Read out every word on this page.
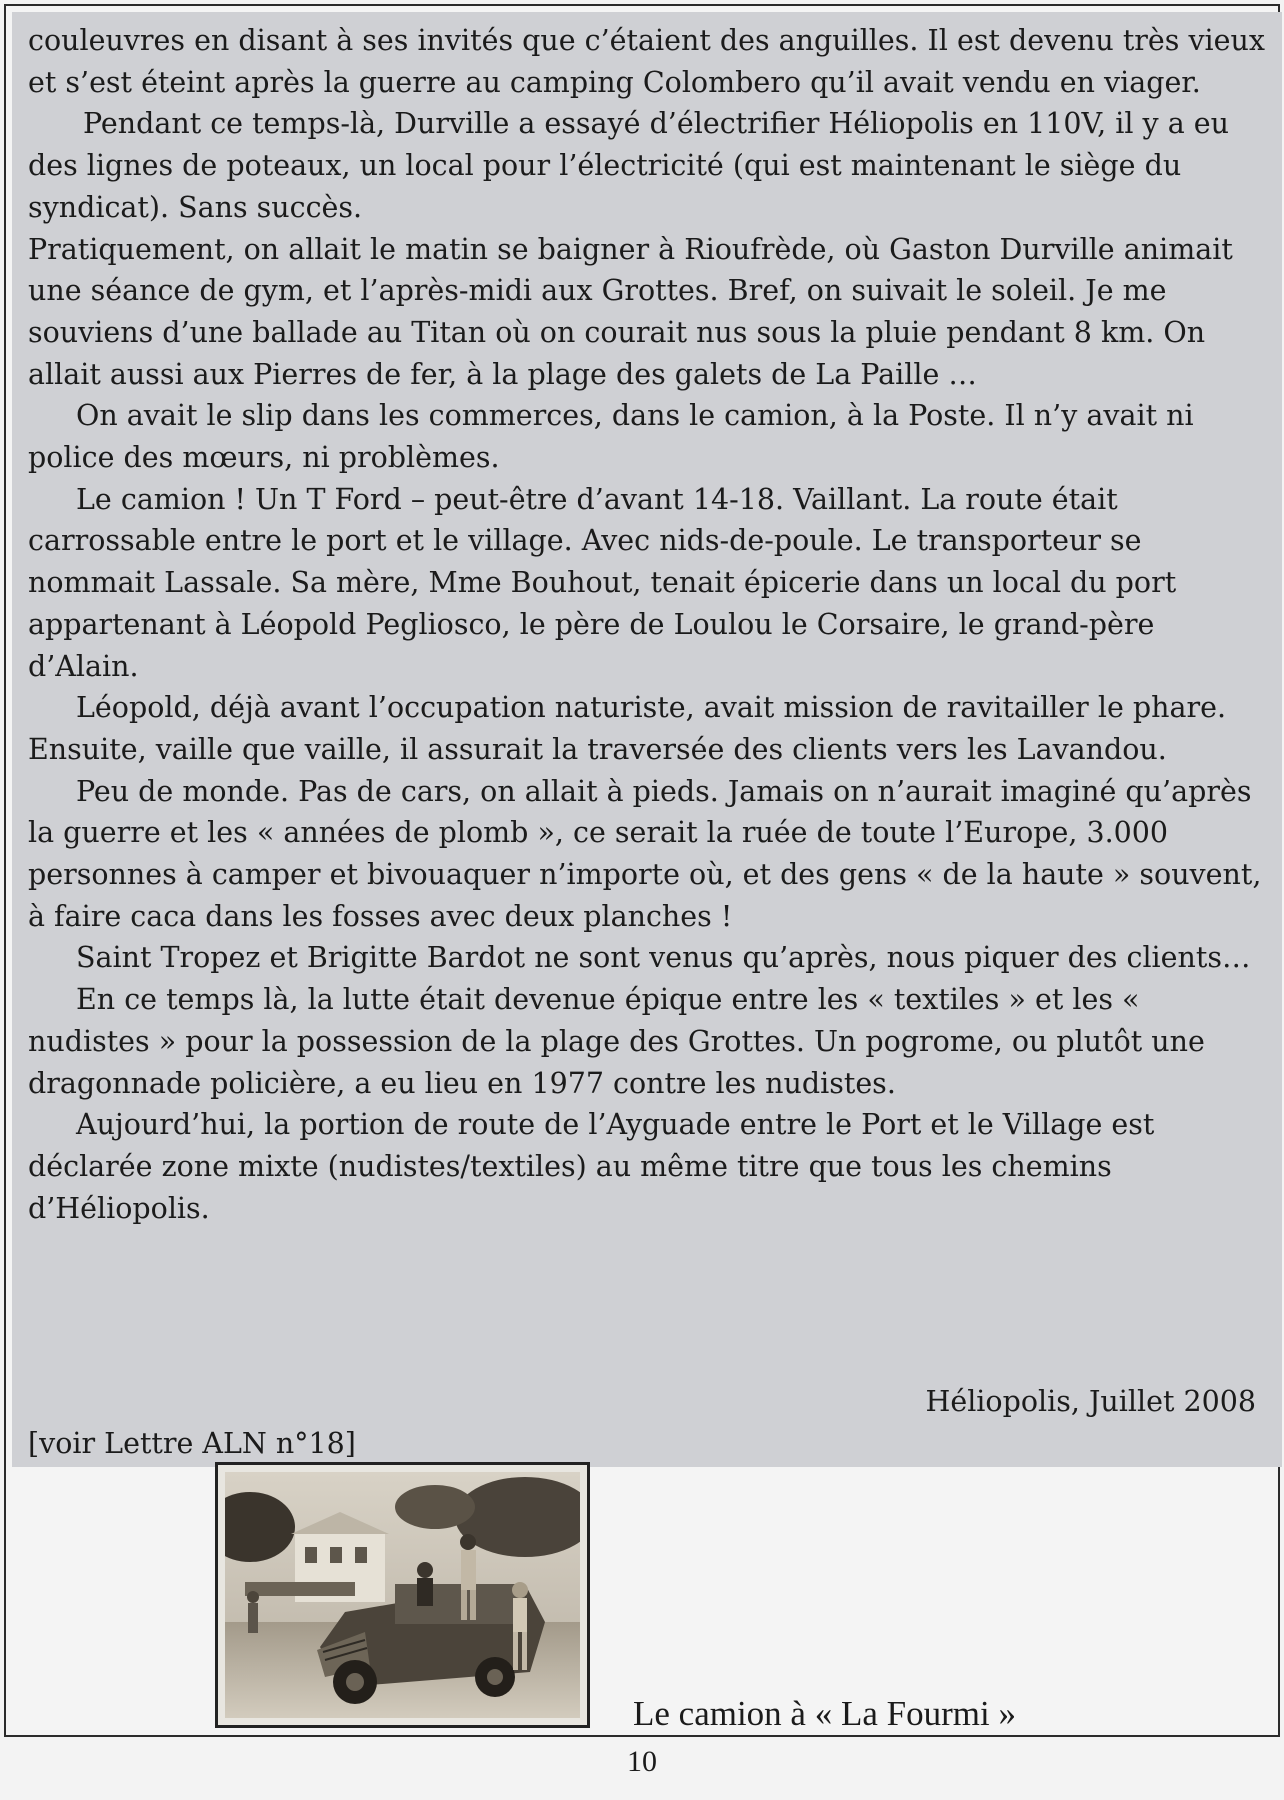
couleuvres en disant à ses invités que c’étaient des anguilles. Il est devenu très vieux et s’est éteint après la guerre au camping Colombero qu’il avait vendu en viager.

Pendant ce temps-là, Durville a essayé d’électrifier Héliopolis en 110V, il y a eu des lignes de poteaux, un local pour l’électricité (qui est maintenant le siège du syndicat). Sans succès.

Pratiquement, on allait le matin se baigner à Rioufrède, où Gaston Durville animait une séance de gym, et l’après-midi aux Grottes. Bref, on suivait le soleil. Je me souviens d’une ballade au Titan où on courait nus sous la pluie pendant 8 km. On allait aussi aux Pierres de fer, à la plage des galets de La Paille …

On avait le slip dans les commerces, dans le camion, à la Poste. Il n’y avait ni police des mœurs, ni problèmes.

Le camion ! Un T Ford – peut-être d’avant 14-18. Vaillant. La route était carrossable entre le port et le village. Avec nids-de-poule. Le transporteur se nommait Lassale. Sa mère, Mme Bouhout, tenait épicerie dans un local du port appartenant à Léopold Pegliosco, le père de Loulou le Corsaire, le grand-père d’Alain.

Léopold, déjà avant l’occupation naturiste, avait mission de ravitailler le phare. Ensuite, vaille que vaille, il assurait la traversée des clients vers les Lavandou.

Peu de monde. Pas de cars, on allait à pieds. Jamais on n’aurait imaginé qu’après la guerre et les « années de plomb », ce serait la ruée de toute l’Europe, 3.000 personnes à camper et bivouaquer n’importe où, et des gens « de la haute » souvent, à faire caca dans les fosses avec deux planches !

Saint Tropez et Brigitte Bardot ne sont venus qu’après, nous piquer des clients…

En ce temps là, la lutte était devenue épique entre les « textiles » et les « nudistes » pour la possession de la plage des Grottes. Un pogrome, ou plutôt une dragonnade policière, a eu lieu en 1977 contre les nudistes.

Aujourd’hui, la portion de route de l’Ayguade entre le Port et le Village est déclarée zone mixte (nudistes/textiles) au même titre que tous les chemins d’Héliopolis.

Héliopolis, Juillet 2008
[voir Lettre ALN n°18]
Le camion à « La Fourmi »
10
